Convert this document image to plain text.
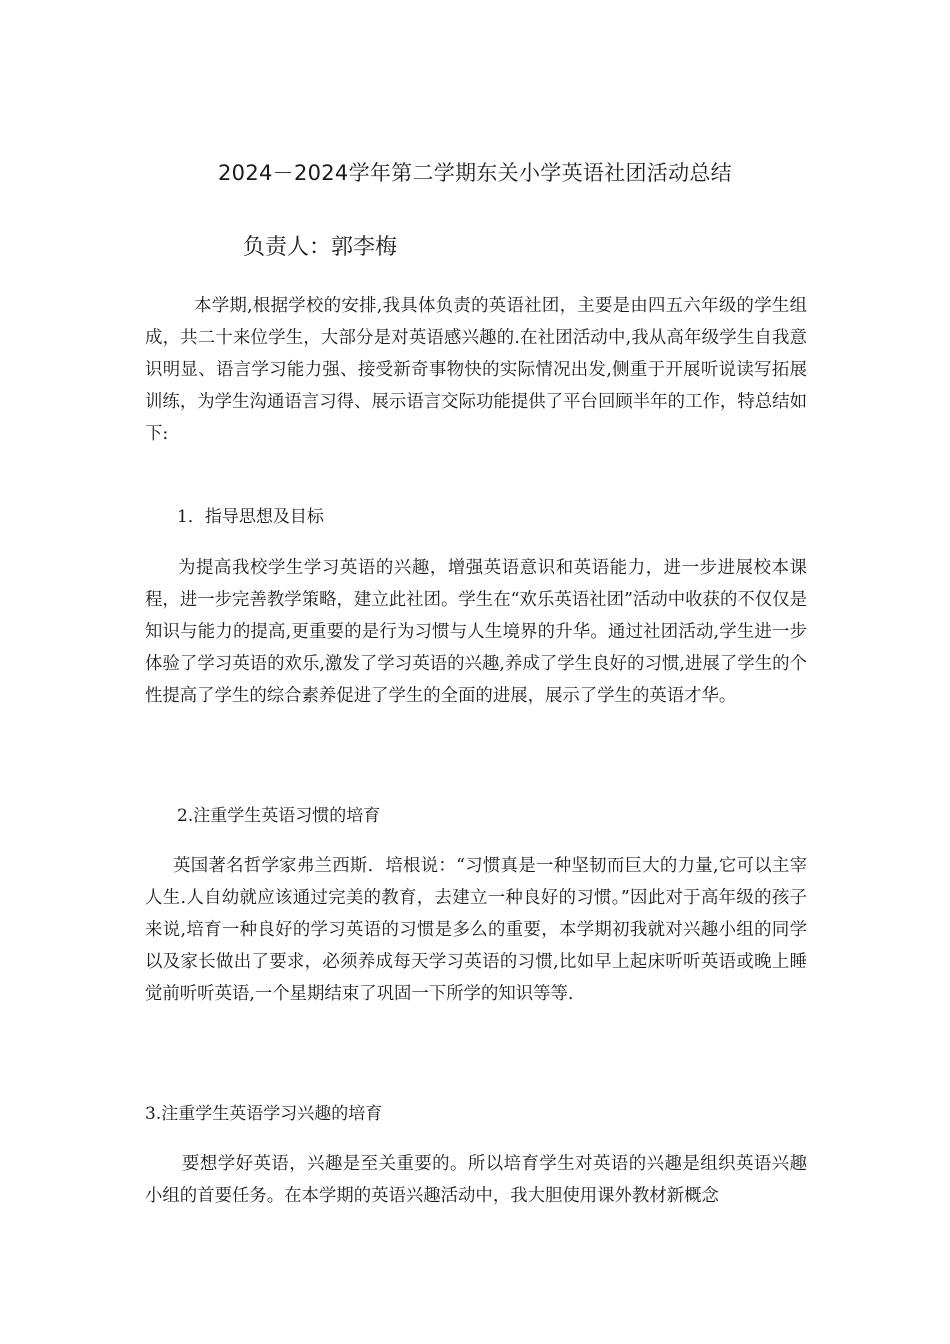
2024－2024学年第二学期东关小学英语社团活动总结
负责人：郭李梅

本学期,根据学校的安排,我具体负责的英语社团，主要是由四五六年级的学生组成，共二十来位学生，大部分是对英语感兴趣的.在社团活动中,我从高年级学生自我意识明显、语言学习能力强、接受新奇事物快的实际情况出发,侧重于开展听说读写拓展训练，为学生沟通语言习得、展示语言交际功能提供了平台回顾半年的工作，特总结如下:

1．指导思想及目标

为提高我校学生学习英语的兴趣，增强英语意识和英语能力，进一步进展校本课程，进一步完善教学策略，建立此社团。学生在“欢乐英语社团”活动中收获的不仅仅是知识与能力的提高,更重要的是行为习惯与人生境界的升华。通过社团活动,学生进一步体验了学习英语的欢乐,激发了学习英语的兴趣,养成了学生良好的习惯,进展了学生的个性提高了学生的综合素养促进了学生的全面的进展，展示了学生的英语才华。

2.注重学生英语习惯的培育

英国著名哲学家弗兰西斯．培根说：“习惯真是一种坚韧而巨大的力量,它可以主宰人生.人自幼就应该通过完美的教育，去建立一种良好的习惯。”因此对于高年级的孩子来说,培育一种良好的学习英语的习惯是多么的重要，本学期初我就对兴趣小组的同学以及家长做出了要求，必须养成每天学习英语的习惯,比如早上起床听听英语或晚上睡觉前听听英语,一个星期结束了巩固一下所学的知识等等.

3.注重学生英语学习兴趣的培育

要想学好英语，兴趣是至关重要的。所以培育学生对英语的兴趣是组织英语兴趣小组的首要任务。在本学期的英语兴趣活动中，我大胆使用课外教材新概念
